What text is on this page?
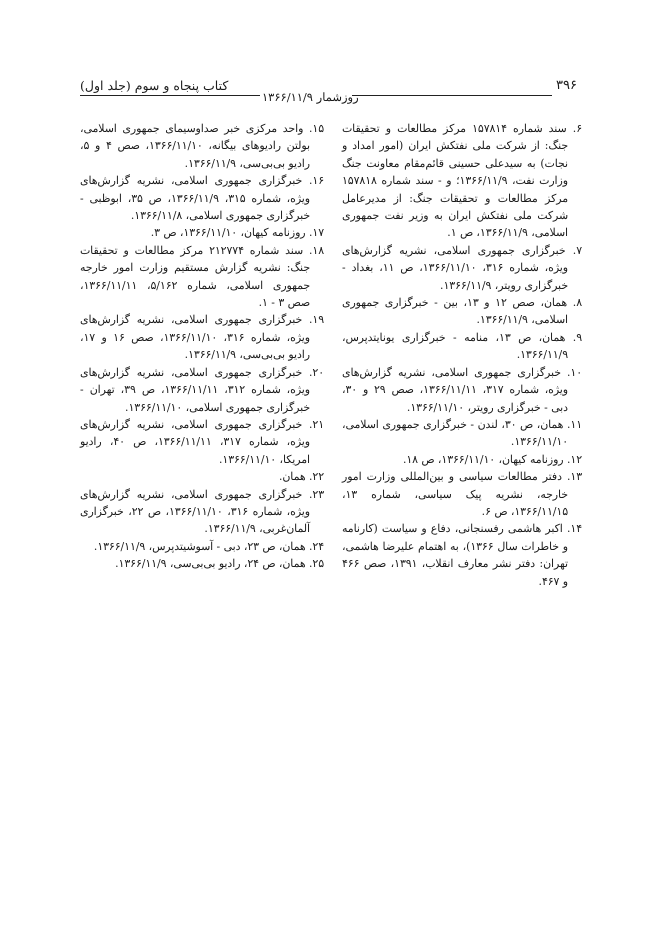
۳۹۶
روزشمار ۱۳۶۶/۱۱/۹
کتاب پنجاه و سوم (جلد اول)

۶. سند شماره ۱۵۷۸۱۴ مرکز مطالعات و تحقیقات جنگ: از شرکت ملی نفتکش ایران (امور امداد و نجات) به سیدعلی حسینی قائم‌مقام معاونت جنگ وزارت نفت، ۱۳۶۶/۱۱/۹؛ و - سند شماره ۱۵۷۸۱۸ مرکز مطالعات و تحقیقات جنگ: از مدیرعامل شرکت ملی نفتکش ایران به وزیر نفت جمهوری اسلامی، ۱۳۶۶/۱۱/۹، ص ۱.

۷. خبرگزاری جمهوری اسلامی، نشریه گزارش‌های ویژه، شماره ۳۱۶، ۱۳۶۶/۱۱/۱۰، ص ۱۱، بغداد - خبرگزاری رویتر، ۱۳۶۶/۱۱/۹.

۸. همان، صص ۱۲ و ۱۳، بین - خبرگزاری جمهوری اسلامی، ۱۳۶۶/۱۱/۹.

۹. همان، ص ۱۳، منامه - خبرگزاری یونایتدپرس، ۱۳۶۶/۱۱/۹.

۱۰. خبرگزاری جمهوری اسلامی، نشریه گزارش‌های ویژه، شماره ۳۱۷، ۱۳۶۶/۱۱/۱۱، صص ۲۹ و ۳۰، دبی - خبرگزاری رویتر، ۱۳۶۶/۱۱/۱۰.

۱۱. همان، ص ۳۰، لندن - خبرگزاری جمهوری اسلامی، ۱۳۶۶/۱۱/۱۰.

۱۲. روزنامه کیهان، ۱۳۶۶/۱۱/۱۰، ص ۱۸.

۱۳. دفتر مطالعات سیاسی و بین‌المللی وزارت امور خارجه، نشریه پیک سیاسی، شماره ۱۳، ۱۳۶۶/۱۱/۱۵، ص ۶.

۱۴. اکبر هاشمی رفسنجانی، دفاع و سیاست (کارنامه و خاطرات سال ۱۳۶۶)، به اهتمام علیرضا هاشمی، تهران: دفتر نشر معارف انقلاب، ۱۳۹۱، صص ۴۶۶ و ۴۶۷.

۱۵. واحد مرکزی خبر صداوسیمای جمهوری اسلامی، بولتن رادیوهای بیگانه، ۱۳۶۶/۱۱/۱۰، صص ۴ و ۵، رادیو بی‌بی‌سی، ۱۳۶۶/۱۱/۹.

۱۶. خبرگزاری جمهوری اسلامی، نشریه گزارش‌های ویژه، شماره ۳۱۵، ۱۳۶۶/۱۱/۹، ص ۳۵، ابوظبی - خبرگزاری جمهوری اسلامی، ۱۳۶۶/۱۱/۸.

۱۷. روزنامه کیهان، ۱۳۶۶/۱۱/۱۰، ص ۳.

۱۸. سند شماره ۲۱۲۷۷۴ مرکز مطالعات و تحقیقات جنگ: نشریه گزارش مستقیم وزارت امور خارجه جمهوری اسلامی، شماره ۵/۱۶۲، ۱۳۶۶/۱۱/۱۱، صص ۳ - ۱.

۱۹. خبرگزاری جمهوری اسلامی، نشریه گزارش‌های ویژه، شماره ۳۱۶، ۱۳۶۶/۱۱/۱۰، صص ۱۶ و ۱۷، رادیو بی‌بی‌سی، ۱۳۶۶/۱۱/۹.

۲۰. خبرگزاری جمهوری اسلامی، نشریه گزارش‌های ویژه، شماره ۳۱۲، ۱۳۶۶/۱۱/۱۱، ص ۳۹، تهران - خبرگزاری جمهوری اسلامی، ۱۳۶۶/۱۱/۱۰.

۲۱. خبرگزاری جمهوری اسلامی، نشریه گزارش‌های ویژه، شماره ۳۱۷، ۱۳۶۶/۱۱/۱۱، ص ۴۰، رادیو امریکا، ۱۳۶۶/۱۱/۱۰.

۲۲. همان.

۲۳. خبرگزاری جمهوری اسلامی، نشریه گزارش‌های ویژه، شماره ۳۱۶، ۱۳۶۶/۱۱/۱۰، ص ۲۲، خبرگزاری آلمان‌غربی، ۱۳۶۶/۱۱/۹.

۲۴. همان، ص ۲۳، دبی - آسوشیتدپرس، ۱۳۶۶/۱۱/۹.

۲۵. همان، ص ۲۴، رادیو بی‌بی‌سی، ۱۳۶۶/۱۱/۹.
